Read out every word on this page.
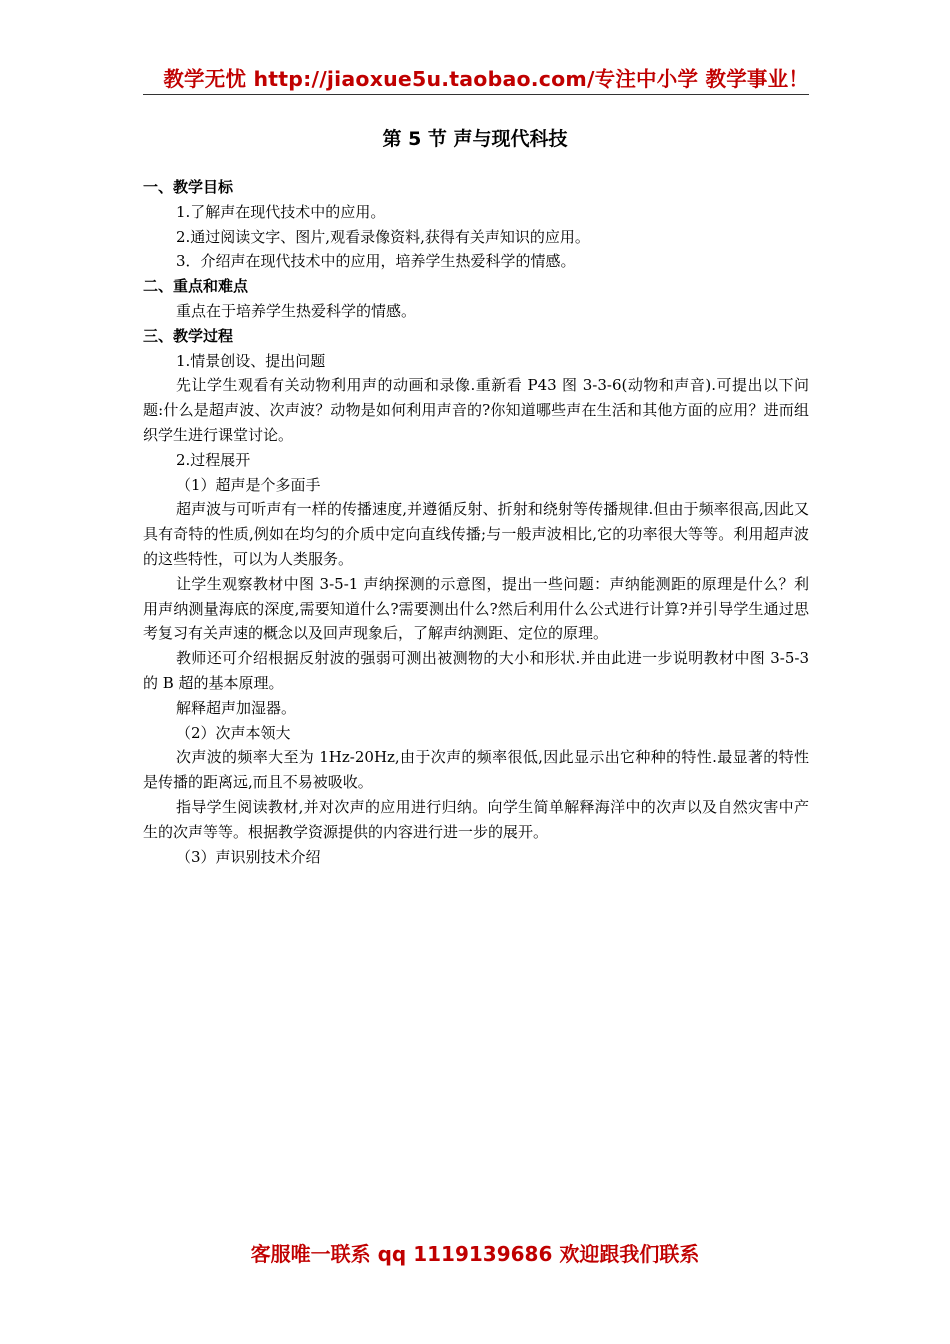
教学无忧 http://jiaoxue5u.taobao.com/专注中小学 教学事业！
第 5 节 声与现代科技

一、教学目标

1.了解声在现代技术中的应用。

2.通过阅读文字、图片,观看录像资料,获得有关声知识的应用。

3．介绍声在现代技术中的应用，培养学生热爱科学的情感。

二、重点和难点

重点在于培养学生热爱科学的情感。

三、教学过程

1.情景创设、提出问题

先让学生观看有关动物利用声的动画和录像.重新看 P43 图 3-3-6(动物和声音).可提出以下问题:什么是超声波、次声波？动物是如何利用声音的?你知道哪些声在生活和其他方面的应用？进而组织学生进行课堂讨论。

2.过程展开

（1）超声是个多面手

超声波与可听声有一样的传播速度,并遵循反射、折射和绕射等传播规律.但由于频率很高,因此又具有奇特的性质,例如在均匀的介质中定向直线传播;与一般声波相比,它的功率很大等等。利用超声波的这些特性，可以为人类服务。

让学生观察教材中图 3-5-1 声纳探测的示意图，提出一些问题：声纳能测距的原理是什么？利用声纳测量海底的深度,需要知道什么?需要测出什么?然后利用什么公式进行计算?并引导学生通过思考复习有关声速的概念以及回声现象后，了解声纳测距、定位的原理。

教师还可介绍根据反射波的强弱可测出被测物的大小和形状.并由此进一步说明教材中图 3-5-3 的 B 超的基本原理。

解释超声加湿器。

（2）次声本领大

次声波的频率大至为 1Hz-20Hz,由于次声的频率很低,因此显示出它种种的特性.最显著的特性是传播的距离远,而且不易被吸收。

指导学生阅读教材,并对次声的应用进行归纳。向学生简单解释海洋中的次声以及自然灾害中产生的次声等等。根据教学资源提供的内容进行进一步的展开。

（3）声识别技术介绍

客服唯一联系 qq 1119139686 欢迎跟我们联系
